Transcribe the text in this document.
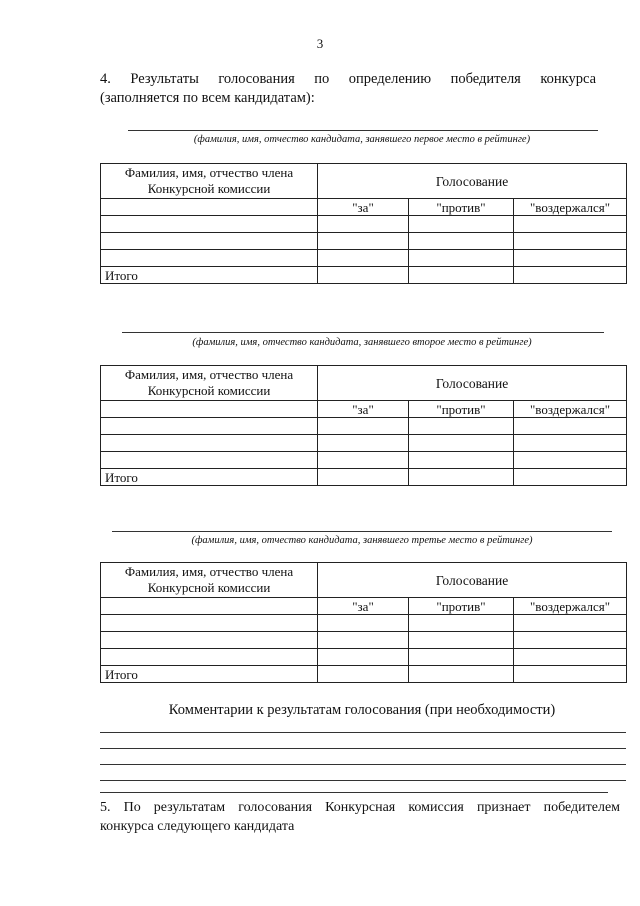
3
4. Результаты голосования по определению победителя конкурса
(заполняется по всем кандидатам):
(фамилия, имя, отчество кандидата, занявшего первое место в рейтинге)
Фамилия, имя, отчество члена Конкурсной комиссии	Голосование		
	"за"	"против"	"воздержался"

Итого			
(фамилия, имя, отчество кандидата, занявшего второе место в рейтинге)
Фамилия, имя, отчество члена Конкурсной комиссии	Голосование		
	"за"	"против"	"воздержался"

Итого			
(фамилия, имя, отчество кандидата, занявшего третье место в рейтинге)
Фамилия, имя, отчество члена Конкурсной комиссии	Голосование		
	"за"	"против"	"воздержался"

Итого			
Комментарии к результатам голосования (при необходимости)
5. По результатам голосования Конкурсная комиссия признает победителем
конкурса следующего кандидата
